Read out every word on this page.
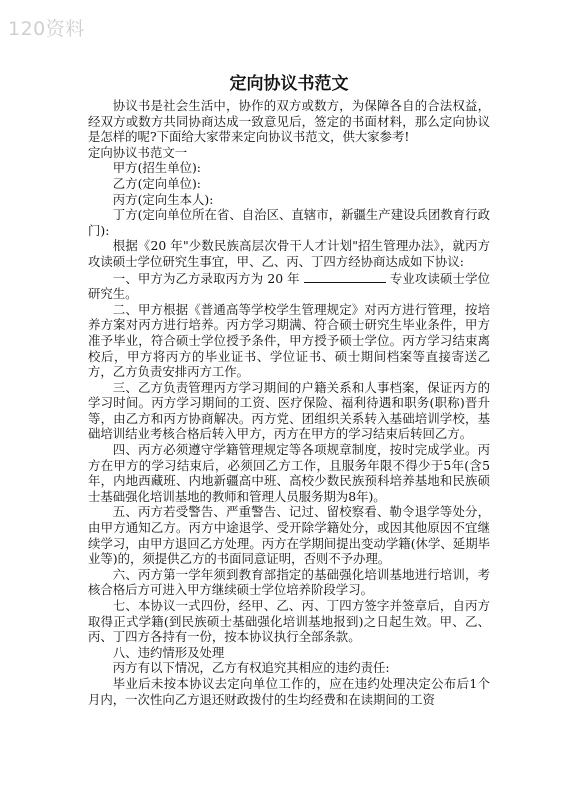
120资料
定向协议书范文

协议书是社会生活中，协作的双方或数方，为保障各自的合法权益，经双方或数方共同协商达成一致意见后，签定的书面材料，那么定向协议是怎样的呢?下面给大家带来定向协议书范文，供大家参考!

定向协议书范文一

甲方(招生单位):

乙方(定向单位):

丙方(定向生本人):

丁方(定向单位所在省、自治区、直辖市，新疆生产建设兵团教育行政门):

根据《20 年"少数民族高层次骨干人才计划"招生管理办法》，就丙方攻读硕士学位研究生事宜，甲、乙、丙、丁四方经协商达成如下协议:

一、甲方为乙方录取丙方为 20 年	专业攻读硕士学位研究生。

二、甲方根据《普通高等学校学生管理规定》对丙方进行管理，按培养方案对丙方进行培养。丙方学习期满、符合硕士研究生毕业条件，甲方准予毕业，符合硕士学位授予条件，甲方授予硕士学位。丙方学习结束离校后，甲方将丙方的毕业证书、学位证书、硕士期间档案等直接寄送乙方，乙方负责安排丙方工作。

三、乙方负责管理丙方学习期间的户籍关系和人事档案，保证丙方的学习时间。丙方学习期间的工资、医疗保险、福利待遇和职务(职称)晋升等，由乙方和丙方协商解决。丙方党、团组织关系转入基础培训学校，基础培训结业考核合格后转入甲方，丙方在甲方的学习结束后转回乙方。

四、丙方必须遵守学籍管理规定等各项规章制度，按时完成学业。丙方在甲方的学习结束后，必须回乙方工作，且服务年限不得少于5年(含5年，内地西藏班、内地新疆高中班、高校少数民族预科培养基地和民族硕士基础强化培训基地的教师和管理人员服务期为8年)。

五、丙方若受警告、严重警告、记过、留校察看、勒令退学等处分，由甲方通知乙方。丙方中途退学、受开除学籍处分，或因其他原因不宜继续学习，由甲方退回乙方处理。丙方在学期间提出变动学籍(休学、延期毕业等)的，须提供乙方的书面同意证明，否则不予办理。

六、丙方第一学年须到教育部指定的基础强化培训基地进行培训，考核合格后方可进入甲方继续硕士学位培养阶段学习。

七、本协议一式四份，经甲、乙、丙、丁四方签字并签章后，自丙方取得正式学籍(到民族硕士基础强化培训基地报到)之日起生效。甲、乙、丙、丁四方各持有一份，按本协议执行全部条款。

八、违约情形及处理

丙方有以下情况，乙方有权追究其相应的违约责任:

毕业后未按本协议去定向单位工作的，应在违约处理决定公布后1个月内，一次性向乙方退还财政拨付的生均经费和在读期间的工资
